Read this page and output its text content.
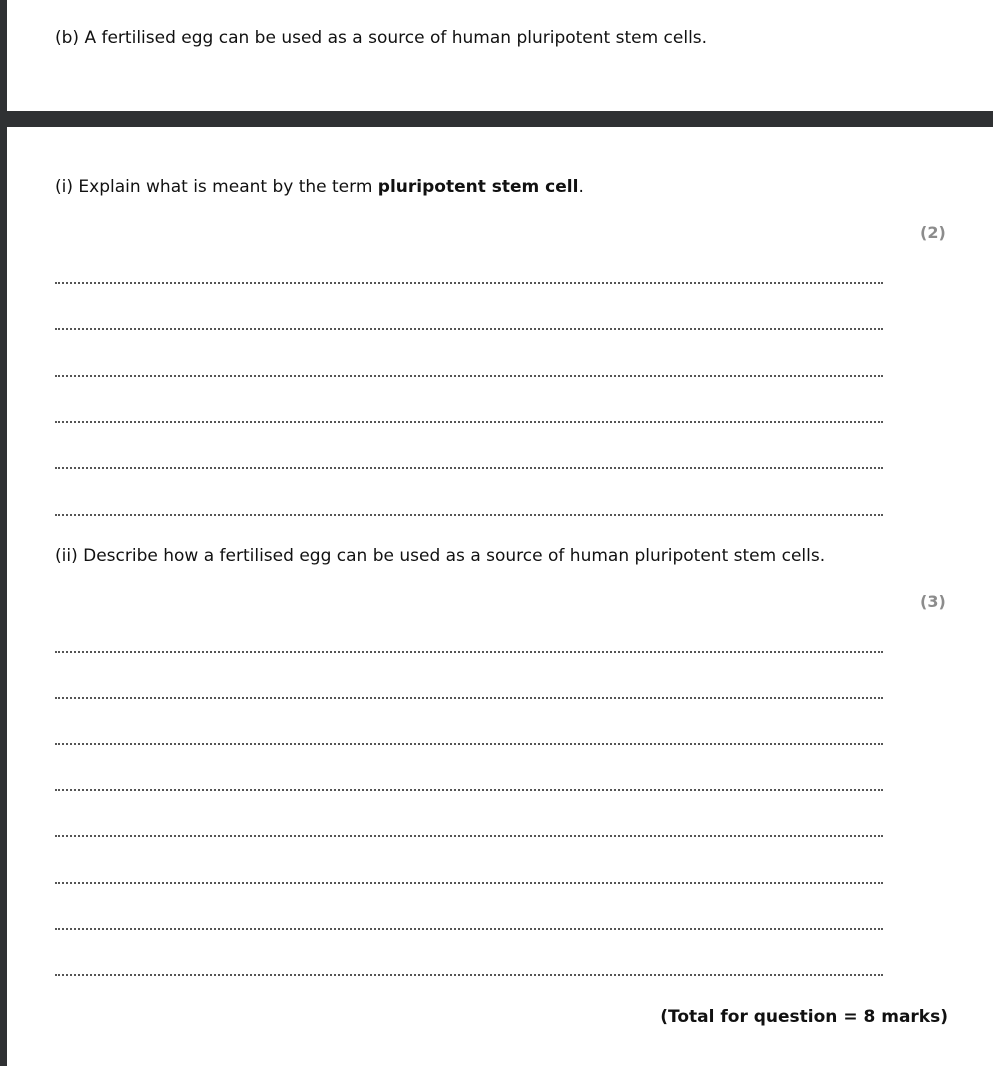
(b) A fertilised egg can be used as a source of human pluripotent stem cells.
(i) Explain what is meant by the term pluripotent stem cell.
(2)
(ii) Describe how a fertilised egg can be used as a source of human pluripotent stem cells.
(3)
(Total for question = 8 marks)
